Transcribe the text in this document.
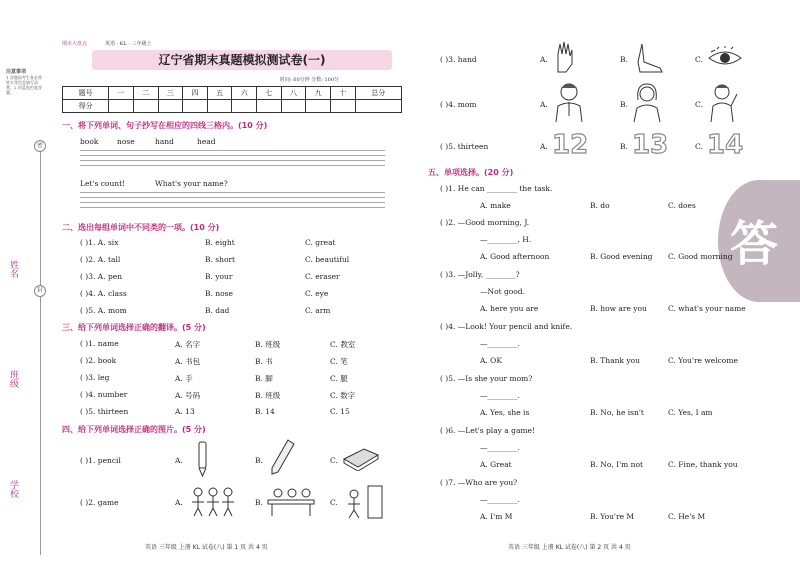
注意事项
1.答题前考生务必将姓名等信息填写清楚。2.用蓝黑色笔答题。
姓名
班级
学校
密
封
期末大盘点	英语 · KL · 三年级上
辽宁省期末真题模拟测试卷(一)
时间: 60分钟 分数: 100分
题号	一	二	三	四	五	六	七	八	九	十	总分
得分											
一、将下列单词、句子抄写在相应的四线三格内。(10 分)
book nose	hand	head
Let's count!	What's your name?
二、选出每组单词中不同类的一项。(10 分)
( )1. A. six	B. eight	C. great
( )2. A. tall	B. short	C. beautiful
( )3. A. pen	B. your	C. eraser
( )4. A. class	B. nose	C. eye
( )5. A. mom	B. dad	C. arm
三、给下列单词选择正确的翻译。(5 分)
( )1. name	A. 名字	B. 班级	C. 教室
( )2. book	A. 书包	B. 书	C. 笔
( )3. leg	A. 手	B. 脚	C. 腿
( )4. number	A. 号码	B. 班级	C. 数字
( )5. thirteen	A. 13	B. 14	C. 15
四、给下列单词选择正确的图片。(5 分)
( )1. pencil	A.	B.	C.
( )2. game	A.	B.	C.
英语 三年级 上册 KL 试卷(八) 第 1 页 共 4 页
( )3. hand	A.	B.	C.
( )4. mom	A.	B.	C.
( )5. thirteen	A. 12	B. 13	C. 14
答
五、单项选择。(20 分)
( )1. He can ________ the task.
A. make	B. do	C. does
( )2. —Good morning, J.
—________, H.
A. Good afternoon	B. Good evening C. Good morning
( )3. —Jolly, ________?
—Not good.
A. here you are	B. how are you	C. what's your name
( )4. —Look! Your pencil and knife.
—________.
A. OK	B. Thank you	C. You're welcome
( )5. —Is she your mom?
—________.
A. Yes, she is	B. No, he isn't	C. Yes, I am
( )6. —Let's play a game!
—________.
A. Great	B. No, I'm not	C. Fine, thank you
( )7. —Who are you?
—________.
A. I'm M	B. You're M	C. He's M
英语 三年级 上册 KL 试卷(八) 第 2 页 共 4 页
